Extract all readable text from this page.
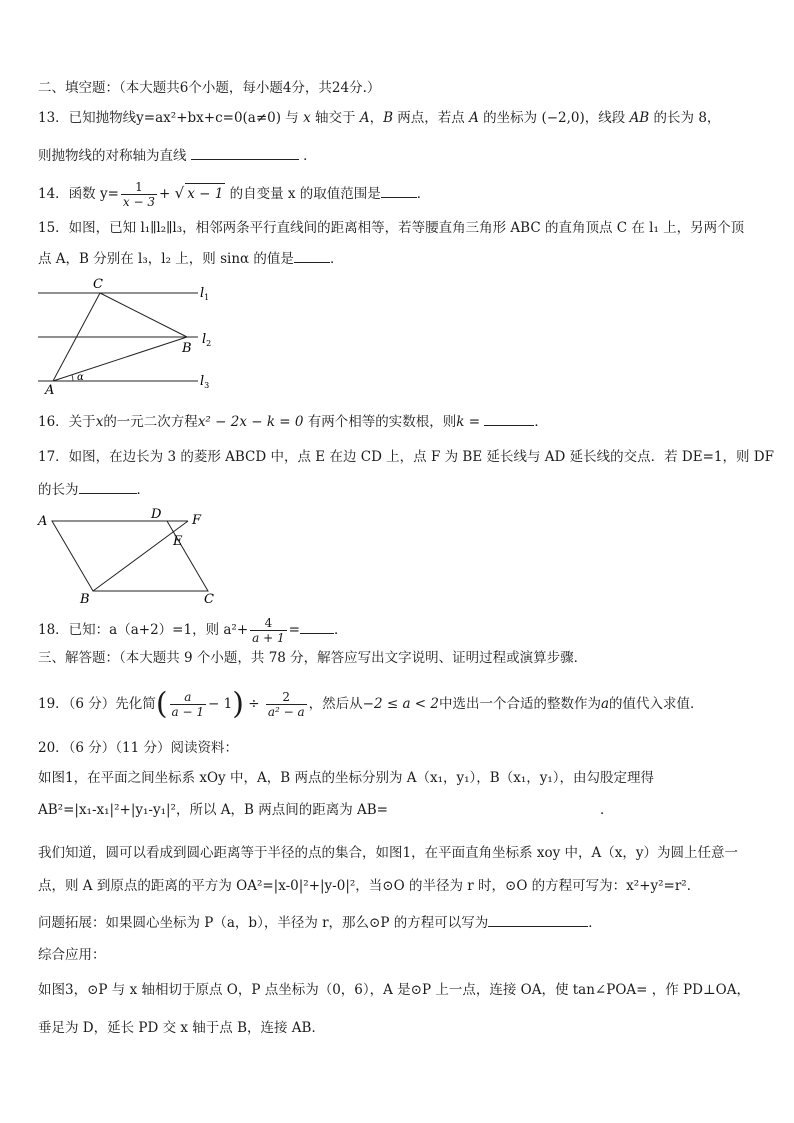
二、填空题：（本大题共6个小题，每小题4分，共24分.）
13．已知抛物线y=ax²+bx+c=0(a≠0) 与 x 轴交于 A，B 两点，若点 A 的坐标为 (−2,0)，线段 AB 的长为 8，
则抛物线的对称轴为直线	．
14．函数 $y= \frac{1}{x - 3}$ + √ x − 1 的自变量 x 的取值范围是	．
15．如图，已知 l₁∥l₂∥l₃，相邻两条平行直线间的距离相等，若等腰直角三角形 ABC 的直角顶点 C 在 l₁ 上，另两个顶
点 A，B 分别在 l₃，l₂ 上，则 sinα 的值是	．
C
B
A
α
$l_1$
$l_2$
$l_3$
16．关于x的一元二次方程x² − 2x − k = 0 有两个相等的实数根，则k =	．
17．如图，在边长为 3 的菱形 ABCD 中，点 E 在边 CD 上，点 F 为 BE 延长线与 AD 延长线的交点．若 DE=1，则 DF
的长为	．
A	D F
E
B	C
18．已知：a（a+2）=1，则 $a^2+ \frac{4}{a + 1}$ =	．
三、解答题：（本大题共 9 个小题，共 78 分，解答应写出文字说明、证明过程或演算步骤．
19．（6 分）先化简( $\frac{a}{a - 1} - 1) \div \frac{2}{\text{a² − a}}$ ，然后从−2 ≤ a < 2中选出一个合适的整数作为a的值代入求值．
20．（6 分）（11 分）阅读资料：
如图1，在平面之间坐标系 xOy 中，A，B 两点的坐标分别为 A（x₁，y₁），B（x₁，y₁），由勾股定理得
AB²=|x₁-x₁|²+|y₁-y₁|²，所以 A，B 两点间的距离为 AB=	．
我们知道，圆可以看成到圆心距离等于半径的点的集合，如图1，在平面直角坐标系 xoy 中，A（x，y）为圆上任意一
点，则 A 到原点的距离的平方为 OA²=|x-0|²+|y-0|²，当⊙O 的半径为 r 时，⊙O 的方程可写为：x²+y²=r²．
问题拓展：如果圆心坐标为 P（a，b），半径为 r，那么⊙P 的方程可以写为	．
综合应用：
如图3，⊙P 与 x 轴相切于原点 O，P 点坐标为（0，6），A 是⊙P 上一点，连接 OA，使 tan∠POA= ，作 PD⊥OA，
垂足为 D，延长 PD 交 x 轴于点 B，连接 AB．
